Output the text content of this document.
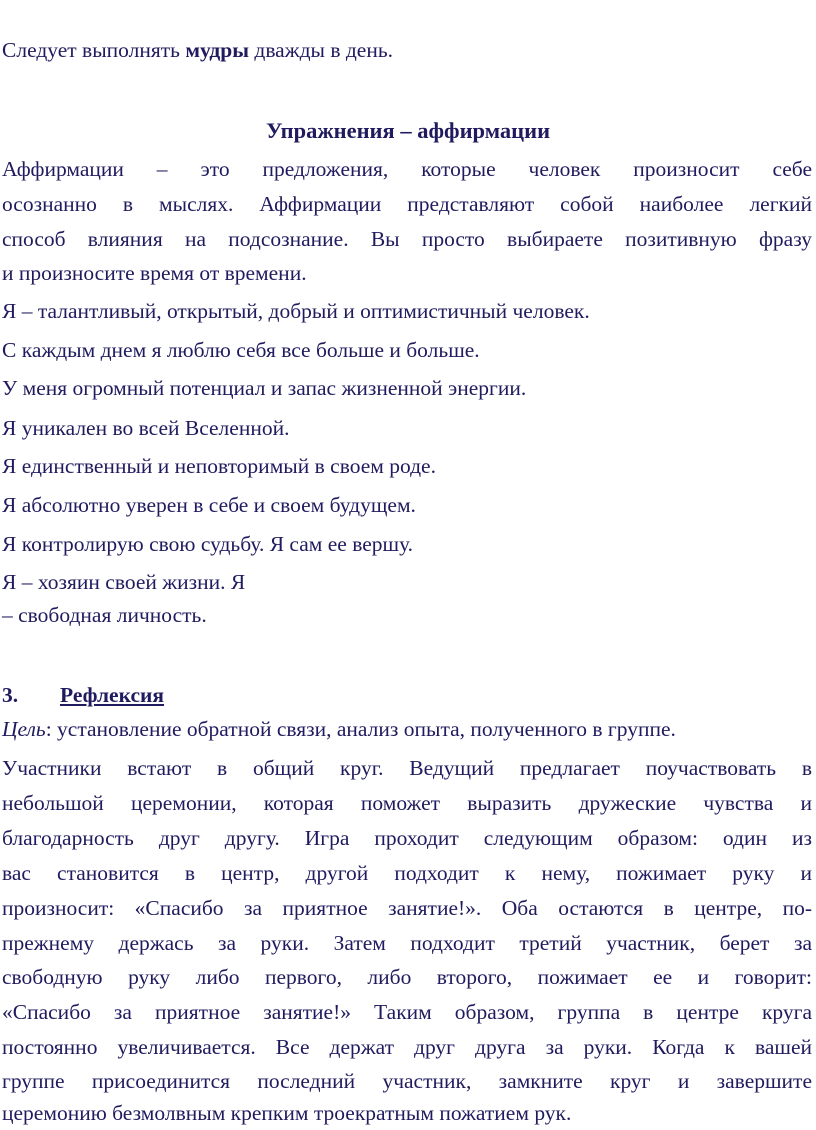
Следует выполнять мудры дважды в день.
Упражнения – аффирмации
Аффирмации – это предложения, которые человек произносит себе
осознанно в мыслях. Аффирмации представляют собой наиболее легкий
способ влияния на подсознание. Вы просто выбираете позитивную фразу
и произносите время от времени.
Я – талантливый, открытый, добрый и оптимистичный человек.
С каждым днем я люблю себя все больше и больше.
У меня огромный потенциал и запас жизненной энергии.
Я уникален во всей Вселенной.
Я единственный и неповторимый в своем роде.
Я абсолютно уверен в себе и своем будущем.
Я контролирую свою судьбу. Я сам ее вершу.
Я – хозяин своей жизни. Я
– свободная личность.
3. Рефлексия
Цель: установление обратной связи, анализ опыта, полученного в группе.
Участники встают в общий круг. Ведущий предлагает поучаствовать в
небольшой церемонии, которая поможет выразить дружеские чувства и
благодарность друг другу. Игра проходит следующим образом: один из
вас становится в центр, другой подходит к нему, пожимает руку и
произносит: «Спасибо за приятное занятие!». Оба остаются в центре, по-
прежнему держась за руки. Затем подходит третий участник, берет за
свободную руку либо первого, либо второго, пожимает ее и говорит:
«Спасибо за приятное занятие!» Таким образом, группа в центре круга
постоянно увеличивается. Все держат друг друга за руки. Когда к вашей
группе присоединится последний участник, замкните круг и завершите
церемонию безмолвным крепким троекратным пожатием рук.
